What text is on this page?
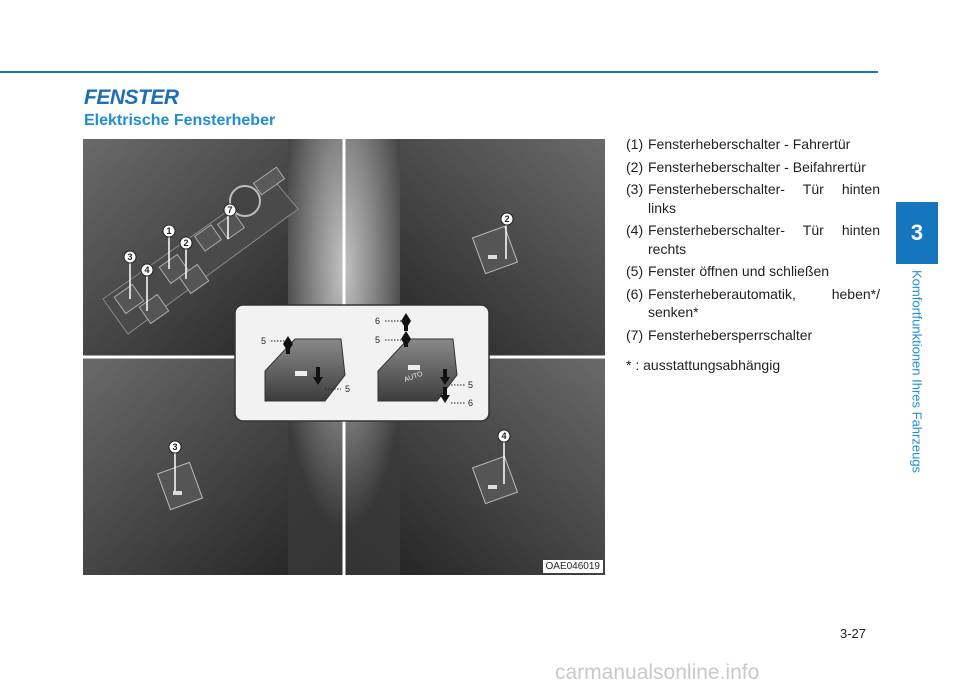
FENSTER
Elektrische Fensterheber
3
4
1
2
7
2
3
4
AUTO
5
5
6
5
5
6
OAE046019
(1) Fensterheberschalter - Fahrertür
(2) Fensterheberschalter - Beifahrertür
(3) Fensterheberschalter- Tür hinten links
(4) Fensterheberschalter- Tür hinten rechts
(5) Fenster öffnen und schließen
(6) Fensterheberautomatik, heben*/ senken*
(7) Fensterhebersperrschalter
* : ausstattungsabhängig
3
Komfortfunktionen Ihres Fahrzeugs
3-27
carmanualsonline.info
